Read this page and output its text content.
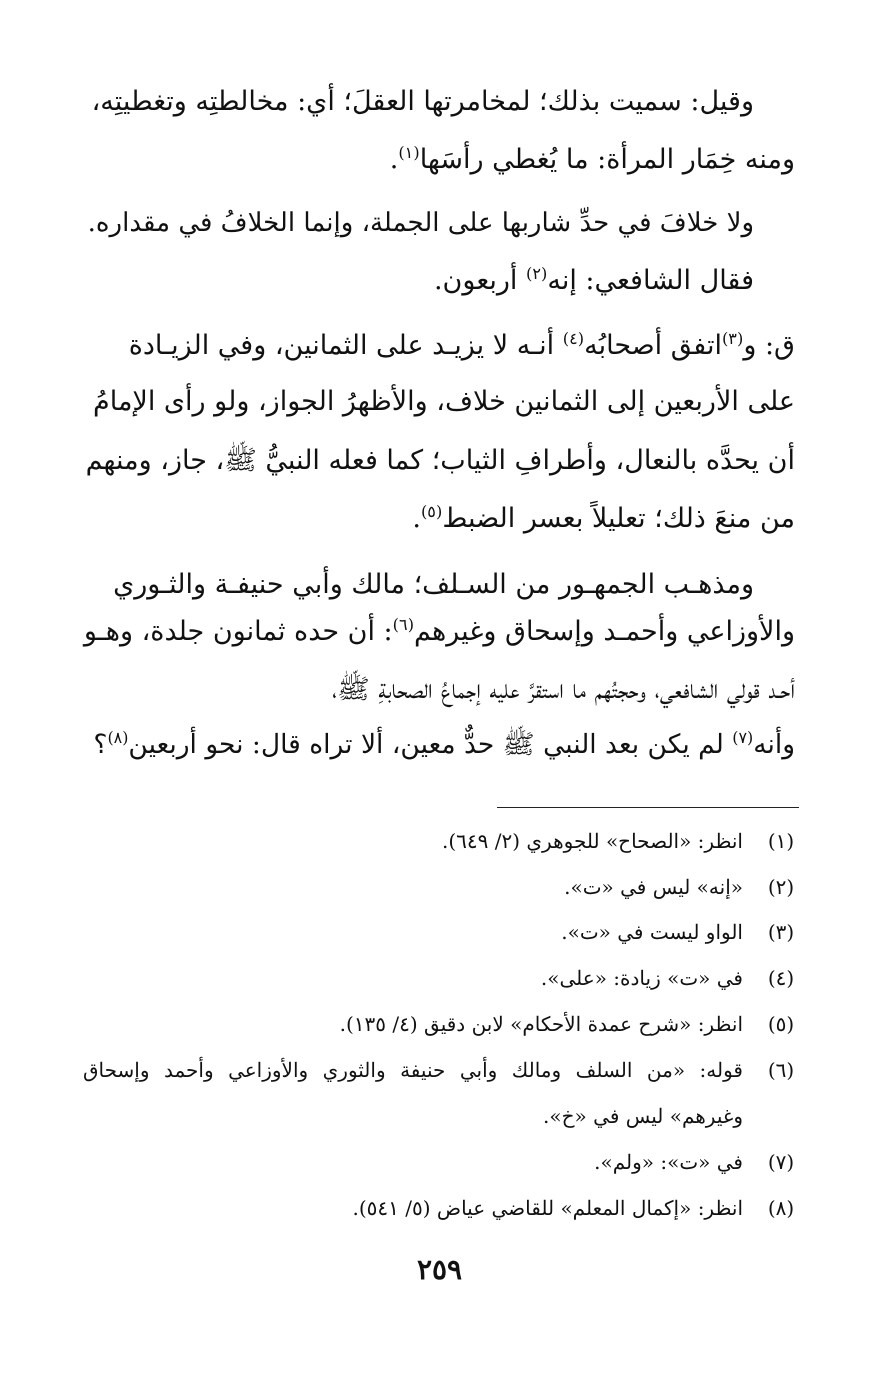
وقيل: سميت بذلك؛ لمخامرتها العقلَ؛ أي: مخالطتِه وتغطيتِه،
ومنه خِمَار المرأة: ما يُغطي رأسَها$^{(١)}$.
ولا خلافَ في حدِّ شاربها على الجملة، وإنما الخلافُ في مقداره.
فقال الشافعي: إنه$^{(٢)}$ أربعون.
ق: و$^{(٣)}$اتفق أصحابُه$^{(٤)}$ أنـه لا يزيـد على الثمانين، وفي الزيـادة
على الأربعين إلى الثمانين خلاف، والأظهرُ الجواز، ولو رأى الإمامُ
أن يحدَّه بالنعال، وأطرافِ الثياب؛ كما فعله النبيُّ ﷺ، جاز، ومنهم
من منعَ ذلك؛ تعليلاً بعسر الضبط$^{(٥)}$.
ومذهـب الجمهـور من السـلف؛ مالك وأبي حنيفـة والثـوري
والأوزاعي وأحمـد وإسحاق وغيرهم$^{(٦)}$: أن حده ثمانون جلدة، وهـو
أحـد قولي الشافعي، وحجتُهم ما استقرَّ عليه إجماعُ الصحابةِ ﷺ،
وأنه$^{(٧)}$ لم يكن بعد النبي ﷺ حدٌّ معين، ألا تراه قال: نحو أربعين$^{(٨)}$؟
(١)
انظر: «الصحاح» للجوهري (٢/ ٦٤٩).
(٢)
«إنه» ليس في «ت».
(٣)
الواو ليست في «ت».
(٤)
في «ت» زيادة: «على».
(٥)
انظر: «شرح عمدة الأحكام» لابن دقيق (٤/ ١٣٥).
(٦)
قوله: «من السلف ومالك وأبي حنيفة والثوري والأوزاعي وأحمد وإسحاق
وغيرهم» ليس في «خ».
(٧)
في «ت»: «ولم».
(٨)
انظر: «إكمال المعلم» للقاضي عياض (٥/ ٥٤١).
٢٥٩
